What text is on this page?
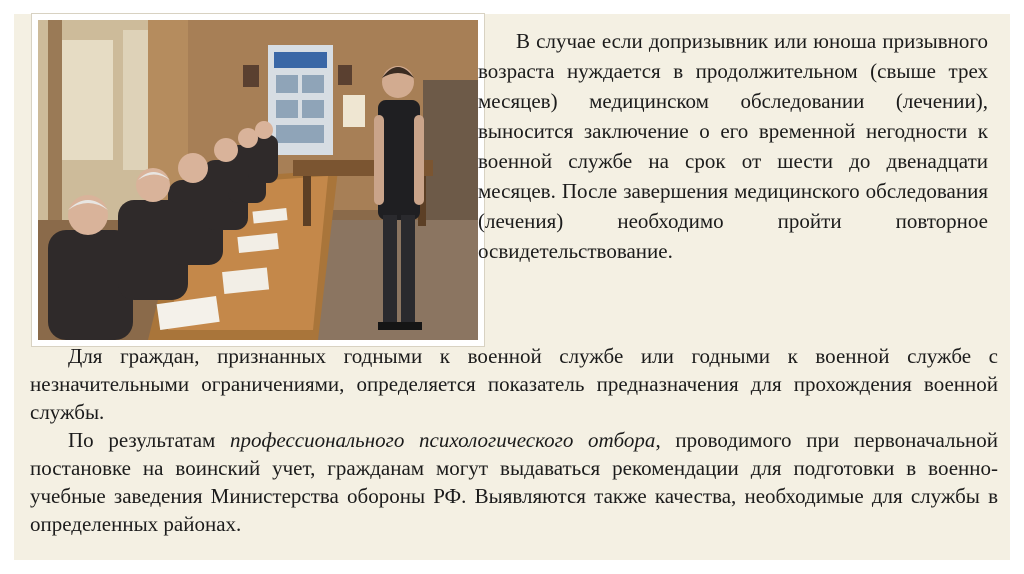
В случае если допризывник или юноша призывного возраста нуждается в продолжительном (свыше трех месяцев) медицинском обследовании (лечении), выносится заключение о его временной негодности к военной службе на срок от шести до двенадцати месяцев. После завершения медицинского обследования (лечения) необходимо пройти повторное освидетельствование.

Для граждан, признанных годными к военной службе или годными к военной службе с незначительными ограничениями, определяется показатель предназначения для прохождения военной службы.

По результатам профессионального психологического отбора, проводимого при первоначальной постановке на воинский учет, гражданам могут выдаваться рекомендации для подготовки в военно-учебные заведения Министерства обороны РФ. Выявляются также качества, необходимые для службы в определенных районах.
